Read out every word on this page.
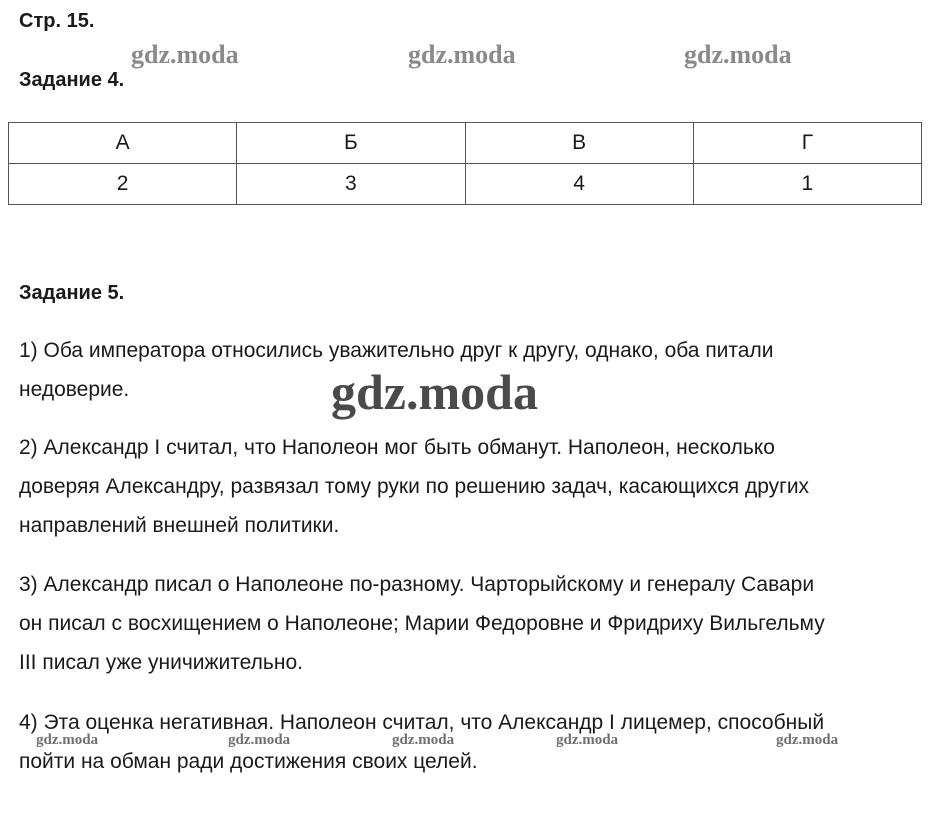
Стр. 15.
gdz.moda	gdz.moda	gdz.moda
Задание 4.
А	Б	В	Г
2	3	4	1
Задание 5.
1) Оба императора относились уважительно друг к другу, однако, оба питали
недоверие.	gdz.moda
2) Александр I считал, что Наполеон мог быть обманут. Наполеон, несколько
доверяя Александру, развязал тому руки по решению задач, касающихся других
направлений внешней политики.
3) Александр писал о Наполеоне по-разному. Чарторыйскому и генералу Савари
он писал с восхищением о Наполеоне; Марии Федоровне и Фридриху Вильгельму
III писал уже уничижительно.
4) Эта оценка негативная. Наполеон считал, что Александр I лицемер, способный
пойти на обман ради достижения своих целей.
gdz.moda	gdz.moda	gdz.moda	gdz.moda	gdz.moda
